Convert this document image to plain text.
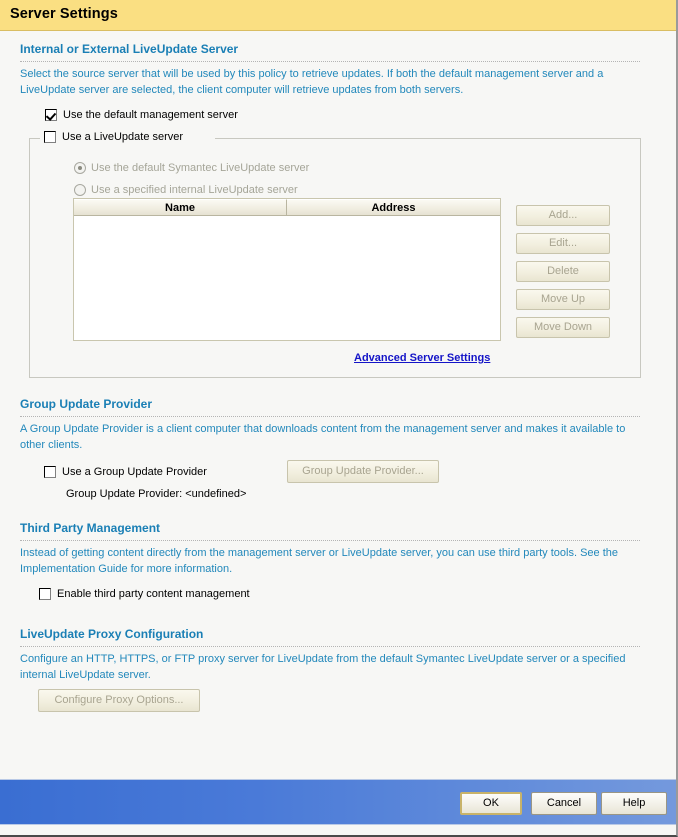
Server Settings
Internal or External LiveUpdate Server
Select the source server that will be used by this policy to retrieve updates. If both the default management server and a LiveUpdate server are selected, the client computer will retrieve updates from both servers.
Use the default management server
Use a LiveUpdate server
Use the default Symantec LiveUpdate server
Use a specified internal LiveUpdate server
Name	Address
Add...
Edit...
Delete
Move Up
Move Down
Advanced Server Settings
Group Update Provider
A Group Update Provider is a client computer that downloads content from the management server and makes it available to other clients.
Use a Group Update Provider	Group Update Provider...
Group Update Provider: <undefined>
Third Party Management
Instead of getting content directly from the management server or LiveUpdate server, you can use third party tools. See the Implementation Guide for more information.
Enable third party content management
LiveUpdate Proxy Configuration
Configure an HTTP, HTTPS, or FTP proxy server for LiveUpdate from the default Symantec LiveUpdate server or a specified internal LiveUpdate server.
Configure Proxy Options...
OK	Cancel	Help
